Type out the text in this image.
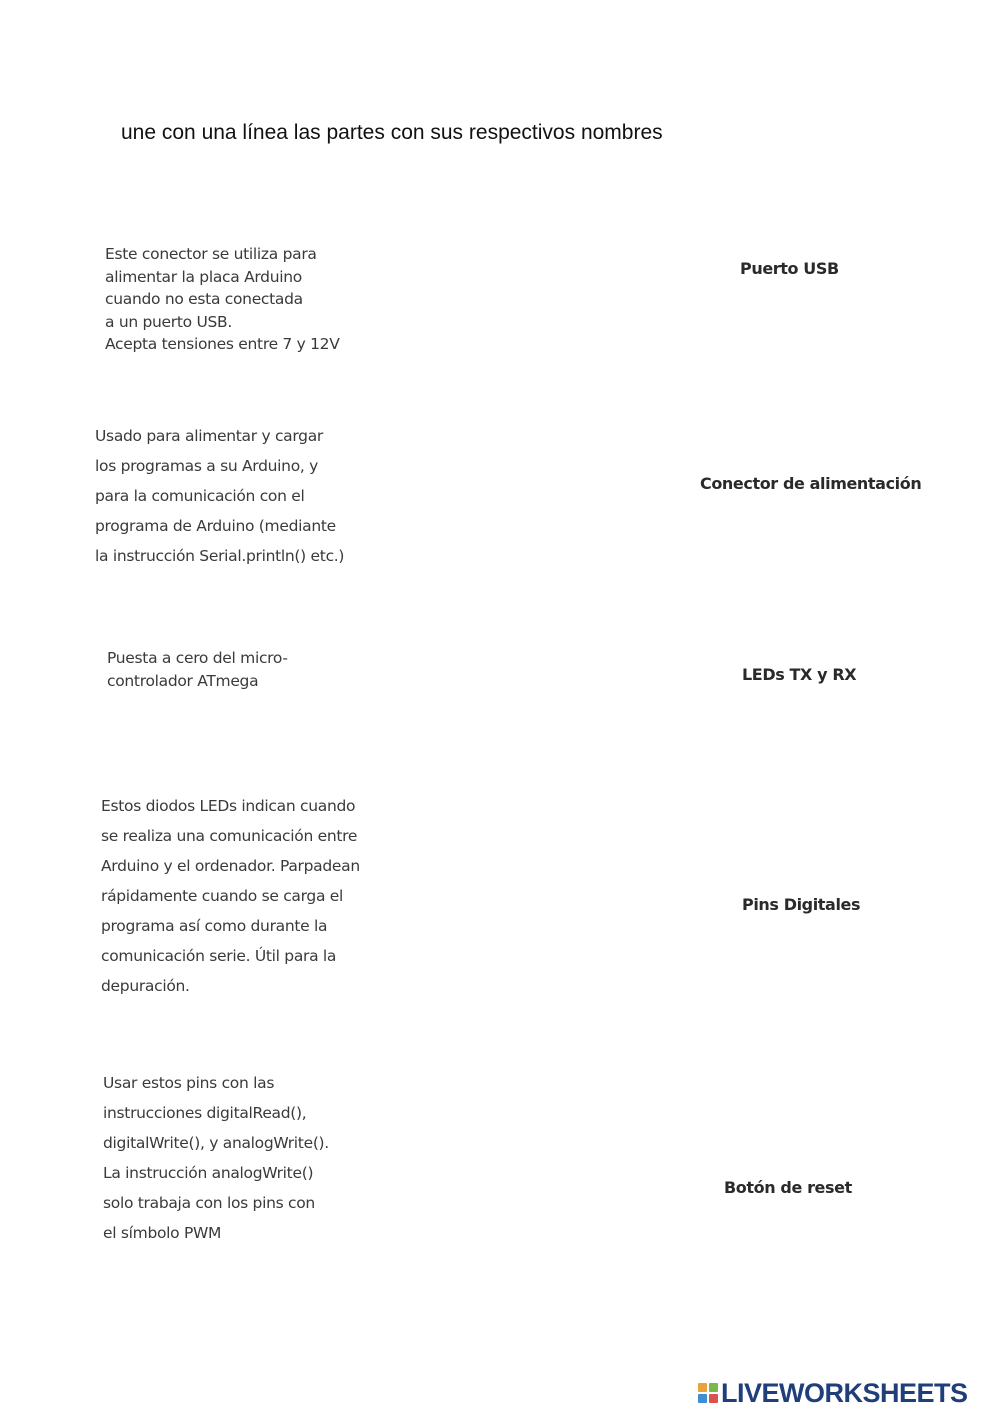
une con una línea las partes con sus respectivos nombres
Este conector se utiliza para
alimentar la placa Arduino
cuando no esta conectada
a un puerto USB.
Acepta tensiones entre 7 y 12V
Usado para alimentar y cargar
los programas a su Arduino, y
para la comunicación con el
programa de Arduino (mediante
la instrucción Serial.println() etc.)
Puesta a cero del micro-
controlador ATmega
Estos diodos LEDs indican cuando
se realiza una comunicación entre
Arduino y el ordenador. Parpadean
rápidamente cuando se carga el
programa así como durante la
comunicación serie. Útil para la
depuración.
Usar estos pins con las
instrucciones digitalRead(),
digitalWrite(), y analogWrite().
La instrucción analogWrite()
solo trabaja con los pins con
el símbolo PWM
Puerto USB
Conector de alimentación
LEDs TX y RX
Pins Digitales
Botón de reset
LIVEWORKSHEETS
